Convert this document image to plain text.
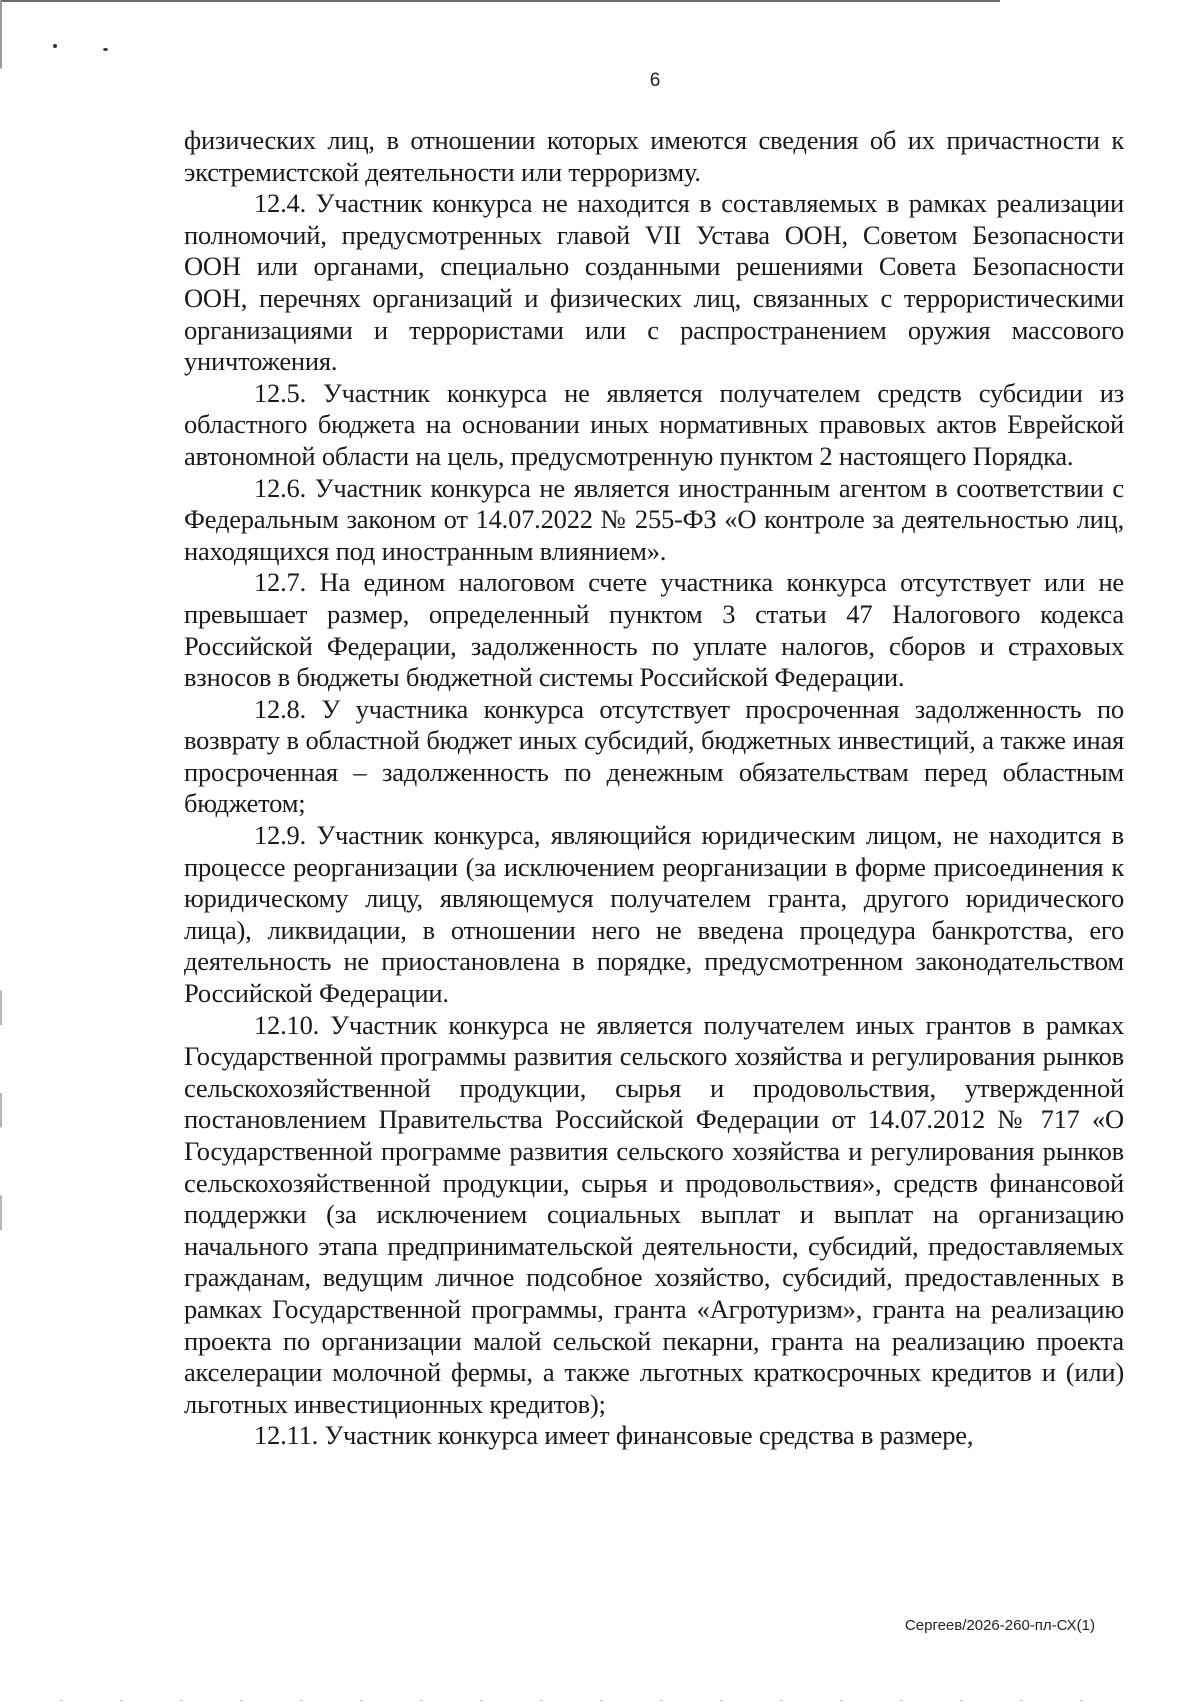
6

физических лиц, в отношении которых имеются сведения об их причастности к экстремистской деятельности или терроризму.

12.4. Участник конкурса не находится в составляемых в рамках реализации полномочий, предусмотренных главой VII Устава ООН, Советом Безопасности ООН или органами, специально созданными решениями Совета Безопасности ООН, перечнях организаций и физических лиц, связанных с террористическими организациями и террористами или с распространением оружия массового уничтожения.

12.5. Участник конкурса не является получателем средств субсидии из областного бюджета на основании иных нормативных правовых актов Еврейской автономной области на цель, предусмотренную пунктом 2 настоящего Порядка.

12.6. Участник конкурса не является иностранным агентом в соответствии с Федеральным законом от 14.07.2022 № 255-ФЗ «О контроле за деятельностью лиц, находящихся под иностранным влиянием».

12.7. На едином налоговом счете участника конкурса отсутствует или не превышает размер, определенный пунктом 3 статьи 47 Налогового кодекса Российской Федерации, задолженность по уплате налогов, сборов и страховых взносов в бюджеты бюджетной системы Российской Федерации.

12.8. У участника конкурса отсутствует просроченная задолженность по возврату в областной бюджет иных субсидий, бюджетных инвестиций, а также иная просроченная – задолженность по денежным обязательствам перед областным бюджетом;

12.9. Участник конкурса, являющийся юридическим лицом, не находится в процессе реорганизации (за исключением реорганизации в форме присоединения к юридическому лицу, являющемуся получателем гранта, другого юридического лица), ликвидации, в отношении него не введена процедура банкротства, его деятельность не приостановлена в порядке, предусмотренном законодательством Российской Федерации.

12.10. Участник конкурса не является получателем иных грантов в рамках Государственной программы развития сельского хозяйства и регулирования рынков сельскохозяйственной продукции, сырья и продовольствия, утвержденной постановлением Правительства Российской Федерации от 14.07.2012 № 717 «О Государственной программе развития сельского хозяйства и регулирования рынков сельскохозяйственной продукции, сырья и продовольствия», средств финансовой поддержки (за исключением социальных выплат и выплат на организацию начального этапа предпринимательской деятельности, субсидий, предоставляемых гражданам, ведущим личное подсобное хозяйство, субсидий, предоставленных в рамках Государственной программы, гранта «Агротуризм», гранта на реализацию проекта по организации малой сельской пекарни, гранта на реализацию проекта акселерации молочной фермы, а также льготных краткосрочных кредитов и (или) льготных инвестиционных кредитов);

12.11. Участник конкурса имеет финансовые средства в размере,

Сергеев/2026-260-пл-СХ(1)
